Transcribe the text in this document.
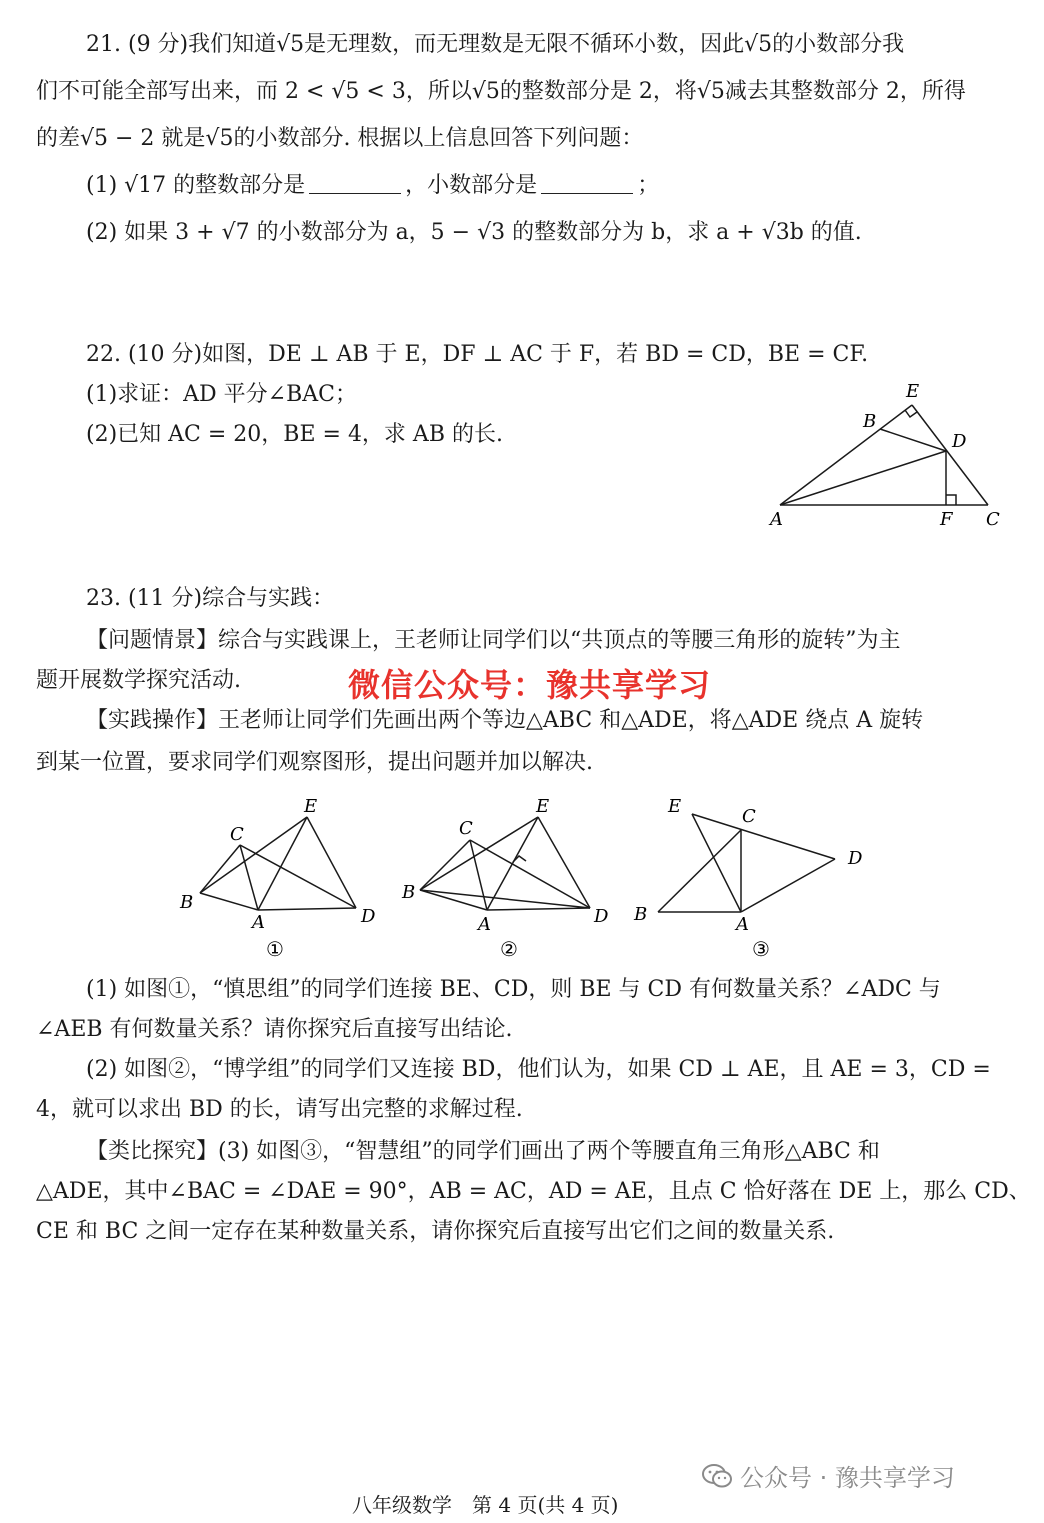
21. (9 分)我们知道√5是无理数，而无理数是无限不循环小数，因此√5的小数部分我
们不可能全部写出来，而 2 < √5 < 3，所以√5的整数部分是 2，将√5减去其整数部分 2，所得
的差√5 − 2 就是√5的小数部分. 根据以上信息回答下列问题：
(1) √17 的整数部分是	，小数部分是	；
(2) 如果 3 + √7 的小数部分为 a，5 − √3 的整数部分为 b，求 a + √3b 的值.
22. (10 分)如图，DE ⊥ AB 于 E，DF ⊥ AC 于 F，若 BD = CD，BE = CF.
(1)求证：AD 平分∠BAC；
(2)已知 AC = 20，BE = 4，求 AB 的长.
E
B
D
A	F C
23. (11 分)综合与实践：
【问题情景】综合与实践课上，王老师让同学们以“共顶点的等腰三角形的旋转”为主
题开展数学探究活动.	微信公众号：豫共享学习
【实践操作】王老师让同学们先画出两个等边△ABC 和△ADE，将△ADE 绕点 A 旋转
到某一位置，要求同学们观察图形，提出问题并加以解决.
B
C
A
E
D
①
B
C
A
E
D
②
E	C
D
B	A
③
(1) 如图①，“慎思组”的同学们连接 BE、CD，则 BE 与 CD 有何数量关系？∠ADC 与
∠AEB 有何数量关系？请你探究后直接写出结论.
(2) 如图②，“博学组”的同学们又连接 BD，他们认为，如果 CD ⊥ AE，且 AE = 3，CD =
4，就可以求出 BD 的长，请写出完整的求解过程.
【类比探究】(3) 如图③，“智慧组”的同学们画出了两个等腰直角三角形△ABC 和
△ADE，其中∠BAC = ∠DAE = 90°，AB = AC，AD = AE，且点 C 恰好落在 DE 上，那么 CD、
CE 和 BC 之间一定存在某种数量关系，请你探究后直接写出它们之间的数量关系.
公众号 · 豫共享学习
八年级数学　第 4 页(共 4 页)
